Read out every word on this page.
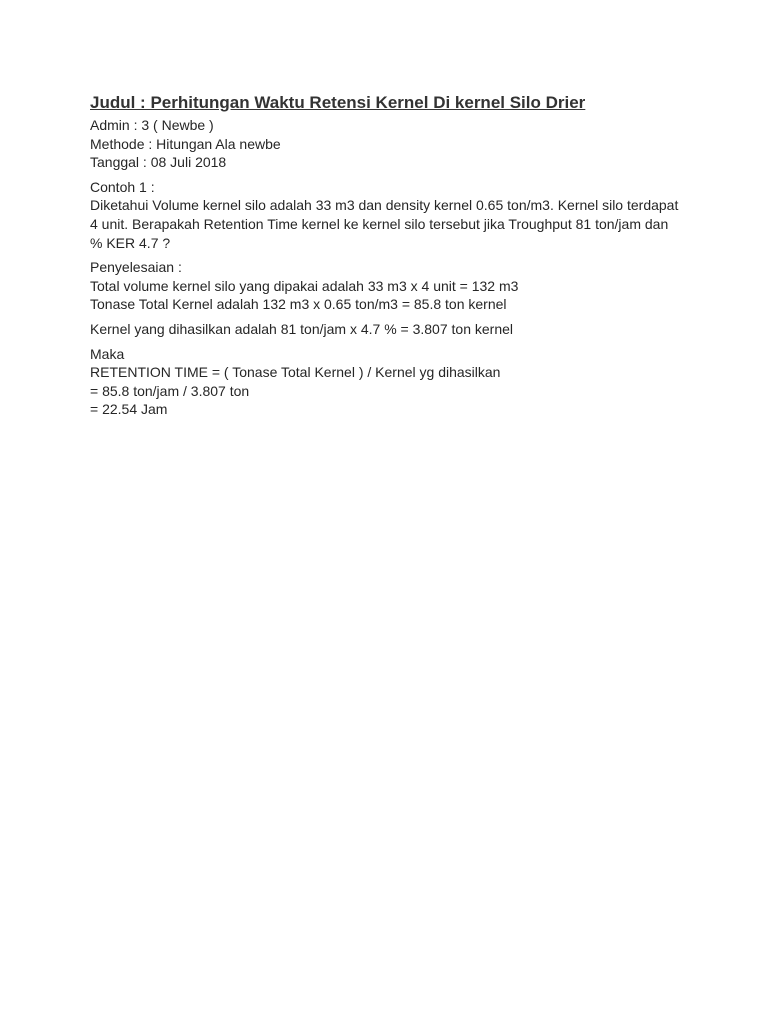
Judul : Perhitungan Waktu Retensi Kernel Di kernel Silo Drier
Admin : 3 ( Newbe )
Methode : Hitungan Ala newbe
Tanggal : 08 Juli 2018
Contoh 1 :
Diketahui Volume kernel silo adalah 33 m3 dan density kernel 0.65 ton/m3. Kernel silo terdapat 4 unit. Berapakah Retention Time kernel ke kernel silo tersebut jika Troughput 81 ton/jam dan % KER 4.7 ?
Penyelesaian :
Total volume kernel silo yang dipakai adalah 33 m3 x 4 unit = 132 m3
Tonase Total Kernel adalah 132 m3 x 0.65 ton/m3 = 85.8 ton kernel
Kernel yang dihasilkan adalah 81 ton/jam x 4.7 % = 3.807 ton kernel
Maka
RETENTION TIME = ( Tonase Total Kernel ) / Kernel yg dihasilkan
= 85.8 ton/jam / 3.807 ton
= 22.54 Jam
